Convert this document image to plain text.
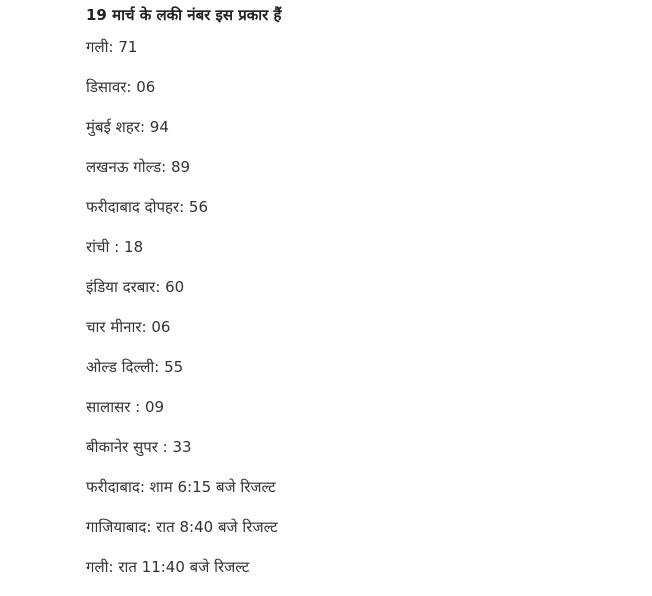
19 मार्च के लकी नंबर इस प्रकार हैं

गली: 71

डिसावर: 06

मुंबई शहर: 94

लखनऊ गोल्ड: 89

फरीदाबाद दोपहर: 56

रांची : 18

इंडिया दरबार: 60

चार मीनार: 06

ओल्ड दिल्ली: 55

सालासर : 09

बीकानेर सुपर : 33

फरीदाबाद: शाम 6:15 बजे रिजल्ट

गाजियाबाद: रात 8:40 बजे रिजल्ट

गली: रात 11:40 बजे रिजल्ट
